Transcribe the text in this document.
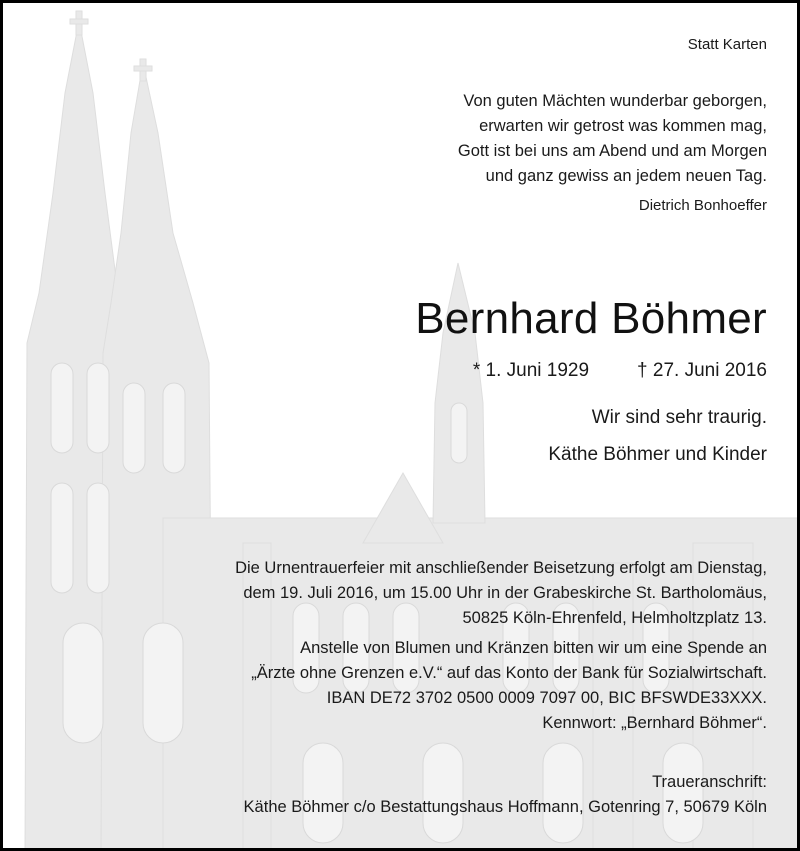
Statt Karten
Von guten Mächten wunderbar geborgen,
erwarten wir getrost was kommen mag,
Gott ist bei uns am Abend und am Morgen
und ganz gewiss an jedem neuen Tag.
Dietrich Bonhoeffer
Bernhard Böhmer
* 1. Juni 1929	† 27. Juni 2016
Wir sind sehr traurig.
Käthe Böhmer und Kinder
Die Urnentrauerfeier mit anschließender Beisetzung erfolgt am Dienstag,
dem 19. Juli 2016, um 15.00 Uhr in der Grabeskirche St. Bartholomäus,
50825 Köln-Ehrenfeld, Helmholtzplatz 13.
Anstelle von Blumen und Kränzen bitten wir um eine Spende an
„Ärzte ohne Grenzen e.V.“ auf das Konto der Bank für Sozialwirtschaft.
IBAN DE72 3702 0500 0009 7097 00, BIC BFSWDE33XXX.
Kennwort: „Bernhard Böhmer“.
Traueranschrift:
Käthe Böhmer c/o Bestattungshaus Hoffmann, Gotenring 7, 50679 Köln
